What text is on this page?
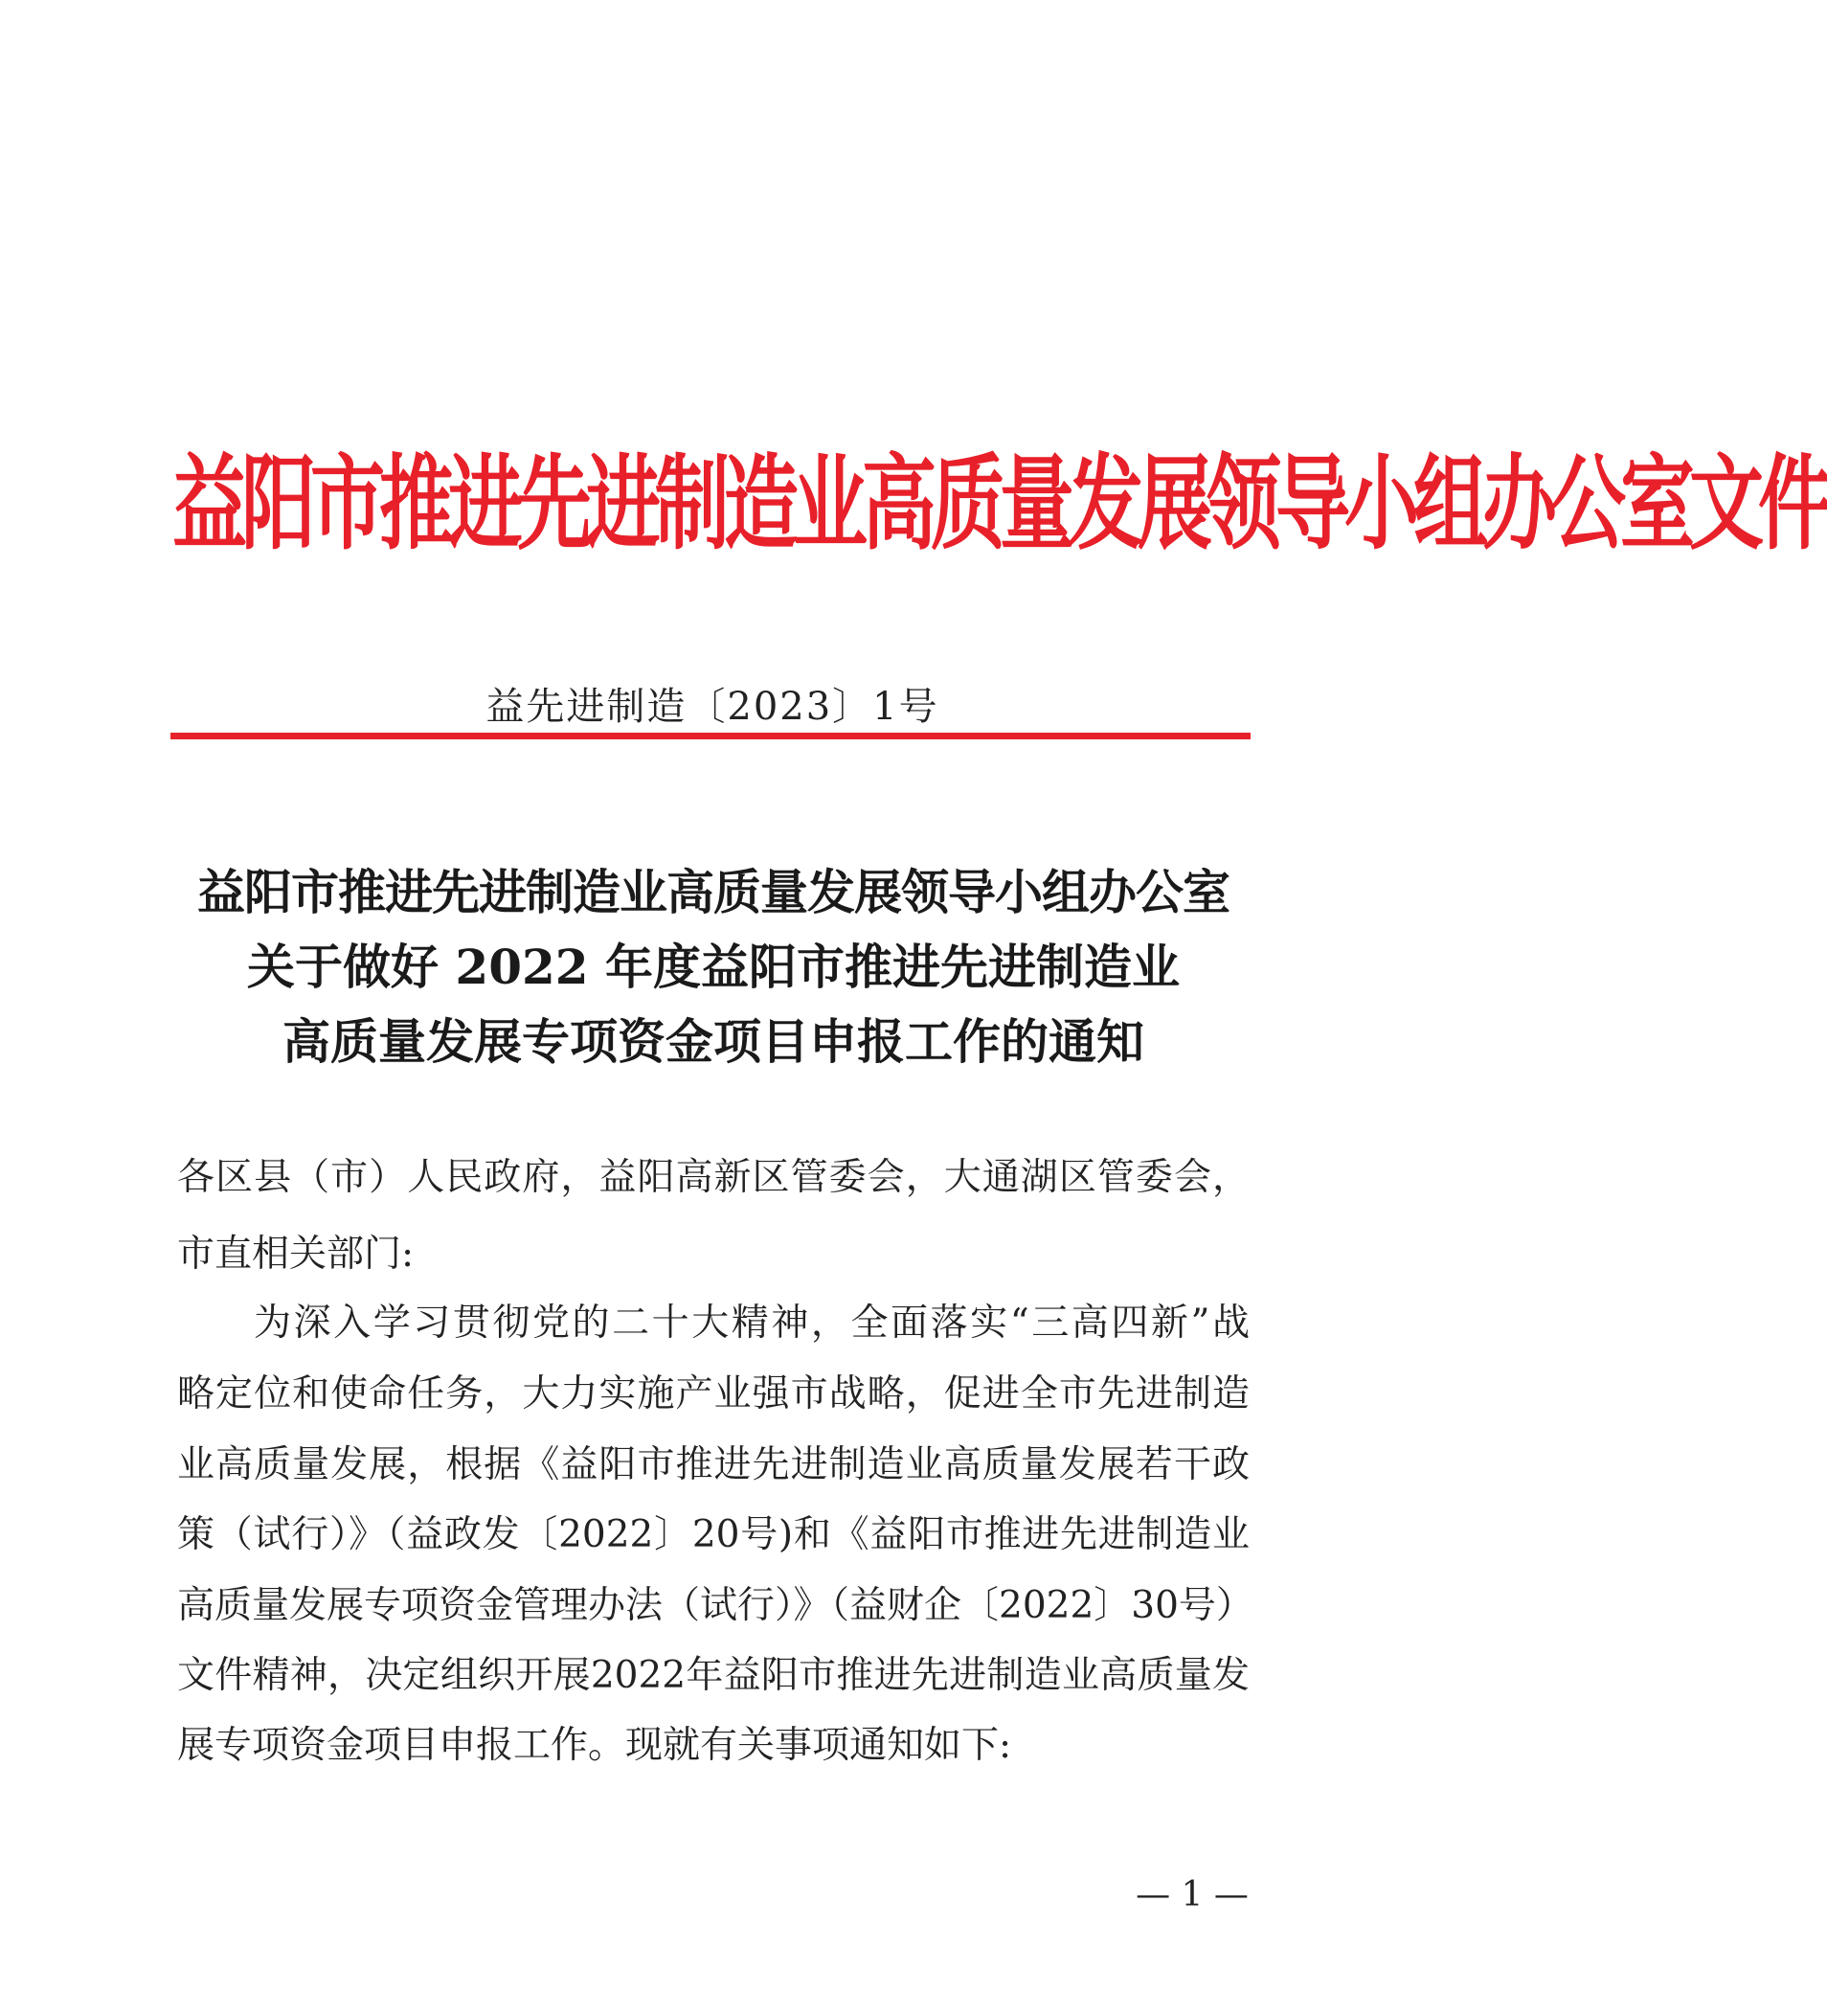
益阳市推进先进制造业高质量发展领导小组办公室文件
益先进制造〔2023〕1号
益阳市推进先进制造业高质量发展领导小组办公室
关于做好 2022 年度益阳市推进先进制造业
高质量发展专项资金项目申报工作的通知
各区县（市）人民政府，益阳高新区管委会，大通湖区管委会，
市直相关部门:
为深入学习贯彻党的二十大精神，全面落实“三高四新”战
略定位和使命任务，大力实施产业强市战略，促进全市先进制造
业高质量发展，根据《益阳市推进先进制造业高质量发展若干政
策（试行）》（益政发〔2022〕20号)和《益阳市推进先进制造业
高质量发展专项资金管理办法（试行）》（益财企〔2022〕30号）
文件精神，决定组织开展2022年益阳市推进先进制造业高质量发
展专项资金项目申报工作。现就有关事项通知如下:
— 1 —
